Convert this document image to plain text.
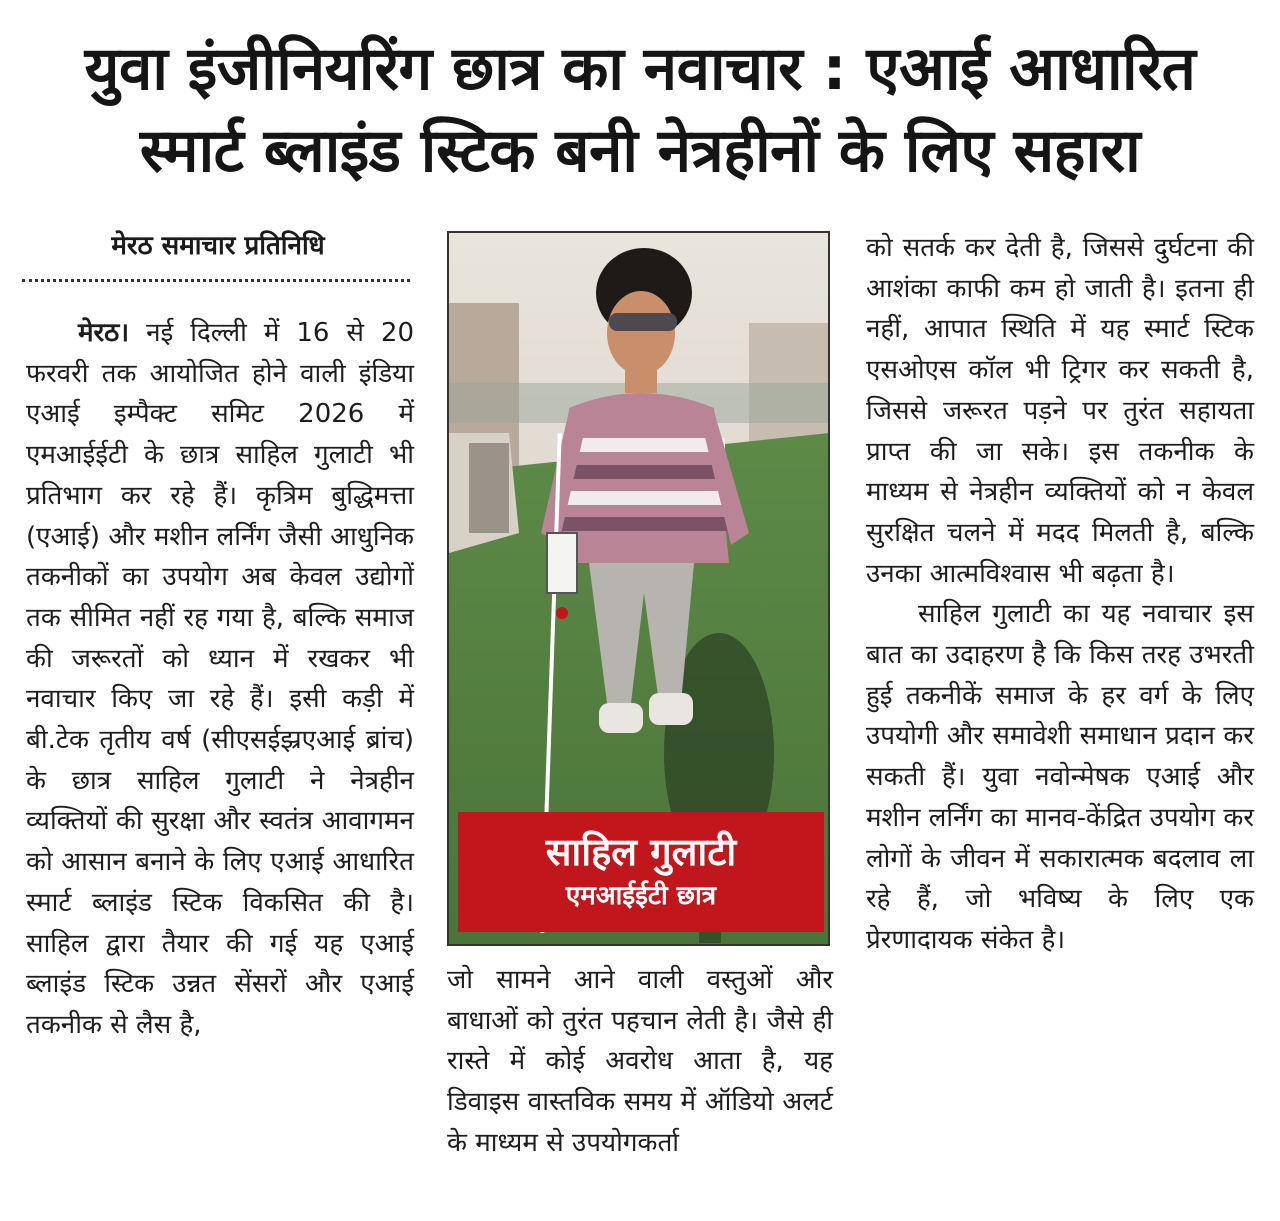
युवा इंजीनियरिंग छात्र का नवाचार : एआई आधारित
स्मार्ट ब्लाइंड स्टिक बनी नेत्रहीनों के लिए सहारा
मेरठ समाचार प्रतिनिधि

मेरठ। नई दिल्ली में 16 से 20 फरवरी तक आयोजित होने वाली इंडिया एआई इम्पैक्ट समिट 2026 में एमआईईटी के छात्र साहिल गुलाटी भी प्रतिभाग कर रहे हैं। कृत्रिम बुद्धिमत्ता (एआई) और मशीन लर्निंग जैसी आधुनिक तकनीकों का उपयोग अब केवल उद्योगों तक सीमित नहीं रह गया है, बल्कि समाज की जरूरतों को ध्यान में रखकर भी नवाचार किए जा रहे हैं। इसी कड़ी में बी.टेक तृतीय वर्ष (सीएसईझ्रएआई ब्रांच) के छात्र साहिल गुलाटी ने नेत्रहीन व्यक्तियों की सुरक्षा और स्वतंत्र आवागमन को आसान बनाने के लिए एआई आधारित स्मार्ट ब्लाइंड स्टिक विकसित की है। साहिल द्वारा तैयार की गई यह एआई ब्लाइंड स्टिक उन्नत सेंसरों और एआई तकनीक से लैस है,

साहिल गुलाटी
एमआईईटी छात्र

जो सामने आने वाली वस्तुओं और बाधाओं को तुरंत पहचान लेती है। जैसे ही रास्ते में कोई अवरोध आता है, यह डिवाइस वास्तविक समय में ऑडियो अलर्ट के माध्यम से उपयोगकर्ता

को सतर्क कर देती है, जिससे दुर्घटना की आशंका काफी कम हो जाती है। इतना ही नहीं, आपात स्थिति में यह स्मार्ट स्टिक एसओएस कॉल भी ट्रिगर कर सकती है, जिससे जरूरत पड़ने पर तुरंत सहायता प्राप्त की जा सके। इस तकनीक के माध्यम से नेत्रहीन व्यक्तियों को न केवल सुरक्षित चलने में मदद मिलती है, बल्कि उनका आत्मविश्वास भी बढ़ता है।

साहिल गुलाटी का यह नवाचार इस बात का उदाहरण है कि किस तरह उभरती हुई तकनीकें समाज के हर वर्ग के लिए उपयोगी और समावेशी समाधान प्रदान कर सकती हैं। युवा नवोन्मेषक एआई और मशीन लर्निंग का मानव-केंद्रित उपयोग कर लोगों के जीवन में सकारात्मक बदलाव ला रहे हैं, जो भविष्य के लिए एक प्रेरणादायक संकेत है।
